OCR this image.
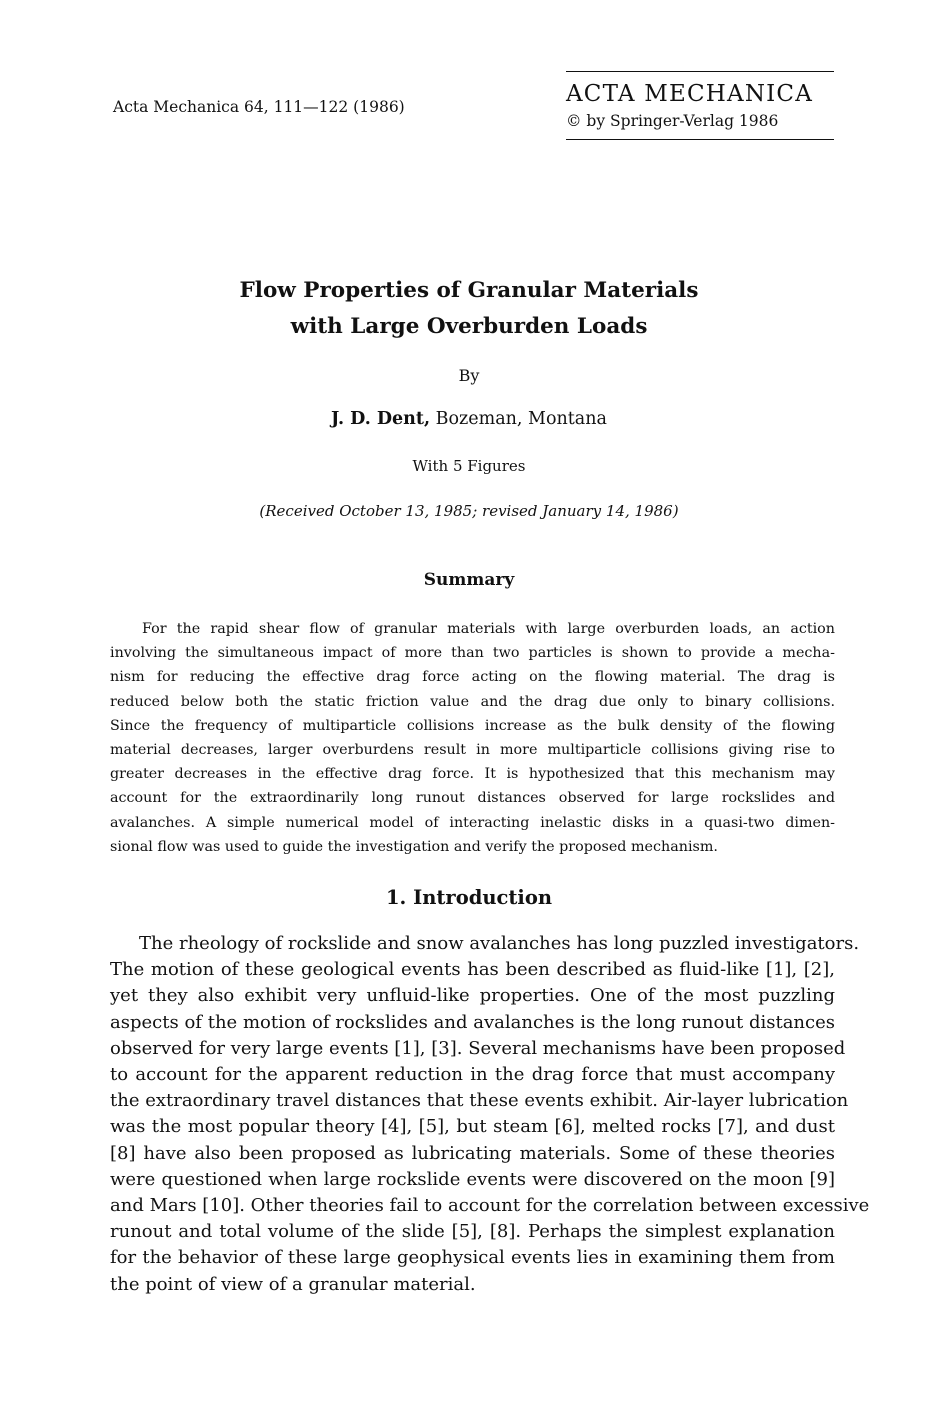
Acta Mechanica 64, 111—122 (1986)	ACTA MECHANICA
© by Springer-Verlag 1986
Flow Properties of Granular Materials
with Large Overburden Loads
By
J. D. Dent, Bozeman, Montana
With 5 Figures
(Received October 13, 1985; revised January 14, 1986)
Summary
For the rapid shear flow of granular materials with large overburden loads, an action
involving the simultaneous impact of more than two particles is shown to provide a mecha-
nism for reducing the effective drag force acting on the flowing material. The drag is
reduced below both the static friction value and the drag due only to binary collisions.
Since the frequency of multiparticle collisions increase as the bulk density of the flowing
material decreases, larger overburdens result in more multiparticle collisions giving rise to
greater decreases in the effective drag force. It is hypothesized that this mechanism may
account for the extraordinarily long runout distances observed for large rockslides and
avalanches. A simple numerical model of interacting inelastic disks in a quasi-two dimen-
sional flow was used to guide the investigation and verify the proposed mechanism.
1. Introduction
The rheology of rockslide and snow avalanches has long puzzled investigators.
The motion of these geological events has been described as fluid-like [1], [2],
yet they also exhibit very unfluid-like properties. One of the most puzzling
aspects of the motion of rockslides and avalanches is the long runout distances
observed for very large events [1], [3]. Several mechanisms have been proposed
to account for the apparent reduction in the drag force that must accompany
the extraordinary travel distances that these events exhibit. Air-layer lubrication
was the most popular theory [4], [5], but steam [6], melted rocks [7], and dust
[8] have also been proposed as lubricating materials. Some of these theories
were questioned when large rockslide events were discovered on the moon [9]
and Mars [10]. Other theories fail to account for the correlation between excessive
runout and total volume of the slide [5], [8]. Perhaps the simplest explanation
for the behavior of these large geophysical events lies in examining them from
the point of view of a granular material.
